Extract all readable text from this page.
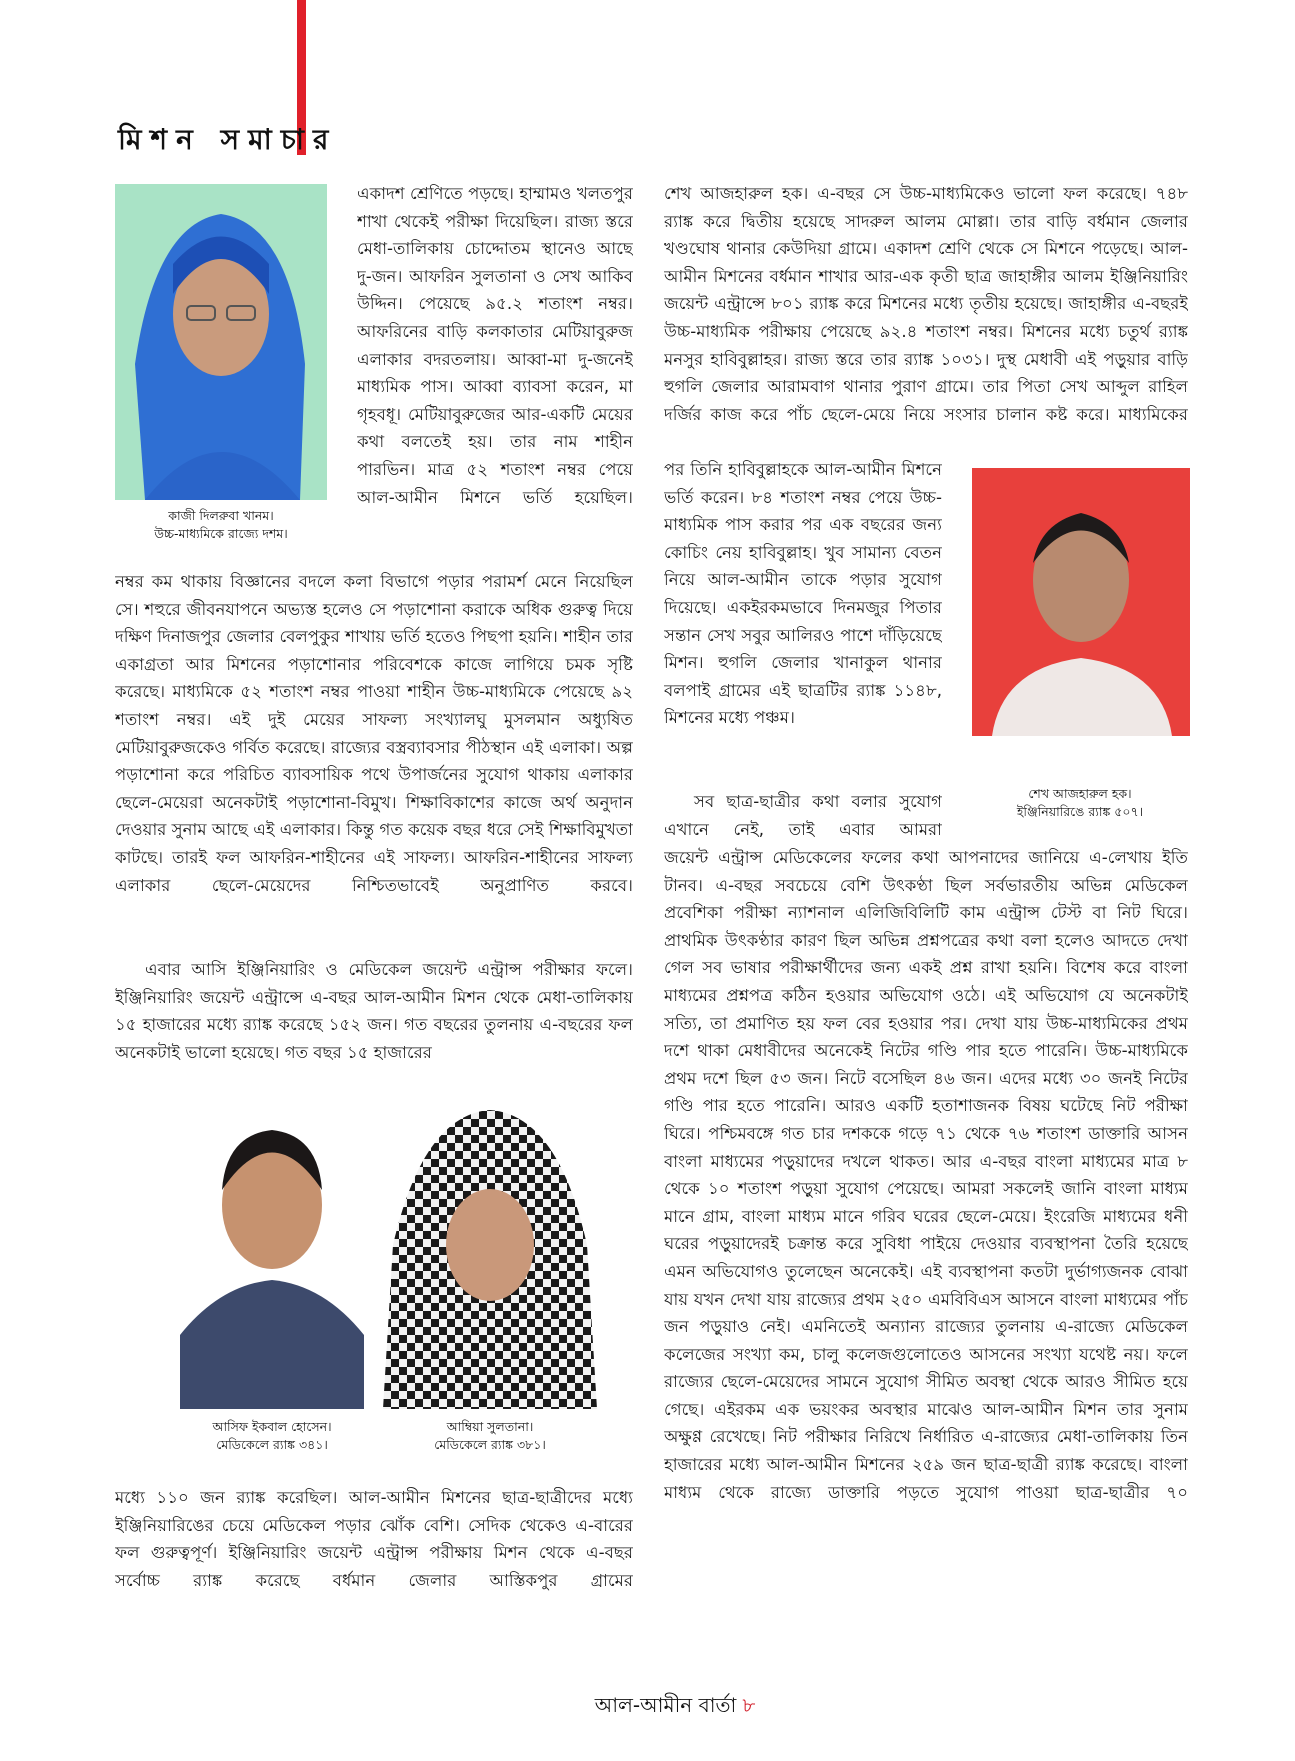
মিশন সমাচার
কাজী দিলরুবা খানম।
উচ্চ-মাধ্যমিকে রাজ্যে দশম।
শেখ আজহারুল হক।
ইঞ্জিনিয়ারিঙে র‍্যাঙ্ক ৫০৭।
আসিফ ইকবাল হোসেন।
মেডিকেলে র‍্যাঙ্ক ৩৪১।
আম্বিয়া সুলতানা।
মেডিকেলে র‍্যাঙ্ক ৩৮১।

একাদশ শ্রেণিতে পড়ছে। হাম্মামও খলতপুর শাখা থেকেই পরীক্ষা দিয়েছিল। রাজ্য স্তরে মেধা-তালিকায় চোদ্দোতম স্থানেও আছে দু-জন। আফরিন সুলতানা ও সেখ আকিব উদ্দিন। পেয়েছে ৯৫.২ শতাংশ নম্বর। আফরিনের বাড়ি কলকাতার মেটিয়াবুরুজ এলাকার বদরতলায়। আব্বা-মা দু-জনেই মাধ্যমিক পাস। আব্বা ব্যাবসা করেন, মা গৃহবধূ। মেটিয়াবুরুজের আর-একটি মেয়ের কথা বলতেই হয়। তার নাম শাহীন পারভিন। মাত্র ৫২ শতাংশ নম্বর পেয়ে আল-আমীন মিশনে ভর্তি হয়েছিল।

নম্বর কম থাকায় বিজ্ঞানের বদলে কলা বিভাগে পড়ার পরামর্শ মেনে নিয়েছিল সে। শহুরে জীবনযাপনে অভ্যস্ত হলেও সে পড়াশোনা করাকে অধিক গুরুত্ব দিয়ে দক্ষিণ দিনাজপুর জেলার বেলপুকুর শাখায় ভর্তি হতেও পিছপা হয়নি। শাহীন তার একাগ্রতা আর মিশনের পড়াশোনার পরিবেশকে কাজে লাগিয়ে চমক সৃষ্টি করেছে। মাধ্যমিকে ৫২ শতাংশ নম্বর পাওয়া শাহীন উচ্চ-মাধ্যমিকে পেয়েছে ৯২ শতাংশ নম্বর। এই দুই মেয়ের সাফল্য সংখ্যালঘু মুসলমান অধ্যুষিত মেটিয়াবুরুজকেও গর্বিত করেছে। রাজ্যের বস্ত্রব্যাবসার পীঠস্থান এই এলাকা। অল্প পড়াশোনা করে পরিচিত ব্যাবসায়িক পথে উপার্জনের সুযোগ থাকায় এলাকার ছেলে-মেয়েরা অনেকটাই পড়াশোনা-বিমুখ। শিক্ষাবিকাশের কাজে অর্থ অনুদান দেওয়ার সুনাম আছে এই এলাকার। কিন্তু গত কয়েক বছর ধরে সেই শিক্ষাবিমুখতা কাটছে। তারই ফল আফরিন-শাহীনের এই সাফল্য। আফরিন-শাহীনের সাফল্য এলাকার ছেলে-মেয়েদের নিশ্চিতভাবেই অনুপ্রাণিত করবে।

এবার আসি ইঞ্জিনিয়ারিং ও মেডিকেল জয়েন্ট এন্ট্রান্স পরীক্ষার ফলে। ইঞ্জিনিয়ারিং জয়েন্ট এন্ট্রান্সে এ-বছর আল-আমীন মিশন থেকে মেধা-তালিকায় ১৫ হাজারের মধ্যে র‍্যাঙ্ক করেছে ১৫২ জন। গত বছরের তুলনায় এ-বছরের ফল অনেকটাই ভালো হয়েছে। গত বছর ১৫ হাজারের

মধ্যে ১১০ জন র‍্যাঙ্ক করেছিল। আল-আমীন মিশনের ছাত্র-ছাত্রীদের মধ্যে ইঞ্জিনিয়ারিঙের চেয়ে মেডিকেল পড়ার ঝোঁক বেশি। সেদিক থেকেও এ-বারের ফল গুরুত্বপূর্ণ। ইঞ্জিনিয়ারিং জয়েন্ট এন্ট্রান্স পরীক্ষায় মিশন থেকে এ-বছর সর্বোচ্চ র‍্যাঙ্ক করেছে বর্ধমান জেলার আস্তিকপুর গ্রামের

শেখ আজহারুল হক। এ-বছর সে উচ্চ-মাধ্যমিকেও ভালো ফল করেছে। ৭৪৮ র‍্যাঙ্ক করে দ্বিতীয় হয়েছে সাদরুল আলম মোল্লা। তার বাড়ি বর্ধমান জেলার খণ্ডঘোষ থানার কেউদিয়া গ্রামে। একাদশ শ্রেণি থেকে সে মিশনে পড়েছে। আল-আমীন মিশনের বর্ধমান শাখার আর-এক কৃতী ছাত্র জাহাঙ্গীর আলম ইঞ্জিনিয়ারিং জয়েন্ট এন্ট্রান্সে ৮০১ র‍্যাঙ্ক করে মিশনের মধ্যে তৃতীয় হয়েছে। জাহাঙ্গীর এ-বছরই উচ্চ-মাধ্যমিক পরীক্ষায় পেয়েছে ৯২.৪ শতাংশ নম্বর। মিশনের মধ্যে চতুর্থ র‍্যাঙ্ক মনসুর হাবিবুল্লাহর। রাজ্য স্তরে তার র‍্যাঙ্ক ১০৩১। দুস্থ মেধাবী এই পড়ুয়ার বাড়ি হুগলি জেলার আরামবাগ থানার পুরাণ গ্রামে। তার পিতা সেখ আব্দুল রাহিল দর্জির কাজ করে পাঁচ ছেলে-মেয়ে নিয়ে সংসার চালান কষ্ট করে। মাধ্যমিকের

পর তিনি হাবিবুল্লাহকে আল-আমীন মিশনে ভর্তি করেন। ৮৪ শতাংশ নম্বর পেয়ে উচ্চ-মাধ্যমিক পাস করার পর এক বছরের জন্য কোচিং নেয় হাবিবুল্লাহ। খুব সামান্য বেতন নিয়ে আল-আমীন তাকে পড়ার সুযোগ দিয়েছে। একইরকমভাবে দিনমজুর পিতার সন্তান সেখ সবুর আলিরও পাশে দাঁড়িয়েছে মিশন। হুগলি জেলার খানাকুল থানার বলপাই গ্রামের এই ছাত্রটির র‍্যাঙ্ক ১১৪৮, মিশনের মধ্যে পঞ্চম।

সব ছাত্র-ছাত্রীর কথা বলার সুযোগ এখানে নেই, তাই এবার আমরা

জয়েন্ট এন্ট্রান্স মেডিকেলের ফলের কথা আপনাদের জানিয়ে এ-লেখায় ইতি টানব। এ-বছর সবচেয়ে বেশি উৎকণ্ঠা ছিল সর্বভারতীয় অভিন্ন মেডিকেল প্রবেশিকা পরীক্ষা ন্যাশনাল এলিজিবিলিটি কাম এন্ট্রান্স টেস্ট বা নিট ঘিরে। প্রাথমিক উৎকণ্ঠার কারণ ছিল অভিন্ন প্রশ্নপত্রের কথা বলা হলেও আদতে দেখা গেল সব ভাষার পরীক্ষার্থীদের জন্য একই প্রশ্ন রাখা হয়নি। বিশেষ করে বাংলা মাধ্যমের প্রশ্নপত্র কঠিন হওয়ার অভিযোগ ওঠে। এই অভিযোগ যে অনেকটাই সত্যি, তা প্রমাণিত হয় ফল বের হওয়ার পর। দেখা যায় উচ্চ-মাধ্যমিকের প্রথম দশে থাকা মেধাবীদের অনেকেই নিটের গণ্ডি পার হতে পারেনি। উচ্চ-মাধ্যমিকে প্রথম দশে ছিল ৫৩ জন। নিটে বসেছিল ৪৬ জন। এদের মধ্যে ৩০ জনই নিটের গণ্ডি পার হতে পারেনি। আরও একটি হতাশাজনক বিষয় ঘটেছে নিট পরীক্ষা ঘিরে। পশ্চিমবঙ্গে গত চার দশককে গড়ে ৭১ থেকে ৭৬ শতাংশ ডাক্তারি আসন বাংলা মাধ্যমের পড়ুয়াদের দখলে থাকত। আর এ-বছর বাংলা মাধ্যমের মাত্র ৮ থেকে ১০ শতাংশ পড়ুয়া সুযোগ পেয়েছে। আমরা সকলেই জানি বাংলা মাধ্যম মানে গ্রাম, বাংলা মাধ্যম মানে গরিব ঘরের ছেলে-মেয়ে। ইংরেজি মাধ্যমের ধনী ঘরের পড়ুয়াদেরই চক্রান্ত করে সুবিধা পাইয়ে দেওয়ার ব্যবস্থাপনা তৈরি হয়েছে এমন অভিযোগও তুলেছেন অনেকেই। এই ব্যবস্থাপনা কতটা দুর্ভাগ্যজনক বোঝা যায় যখন দেখা যায় রাজ্যের প্রথম ২৫০ এমবিবিএস আসনে বাংলা মাধ্যমের পাঁচ জন পড়ুয়াও নেই। এমনিতেই অন্যান্য রাজ্যের তুলনায় এ-রাজ্যে মেডিকেল কলেজের সংখ্যা কম, চালু কলেজগুলোতেও আসনের সংখ্যা যথেষ্ট নয়। ফলে রাজ্যের ছেলে-মেয়েদের সামনে সুযোগ সীমিত অবস্থা থেকে আরও সীমিত হয়ে গেছে। এইরকম এক ভয়ংকর অবস্থার মাঝেও আল-আমীন মিশন তার সুনাম অক্ষুণ্ণ রেখেছে। নিট পরীক্ষার নিরিখে নির্ধারিত এ-রাজ্যের মেধা-তালিকায় তিন হাজারের মধ্যে আল-আমীন মিশনের ২৫৯ জন ছাত্র-ছাত্রী র‍্যাঙ্ক করেছে। বাংলা মাধ্যম থেকে রাজ্যে ডাক্তারি পড়তে সুযোগ পাওয়া ছাত্র-ছাত্রীর ৭০

আল-আমীন বার্তা ৮
